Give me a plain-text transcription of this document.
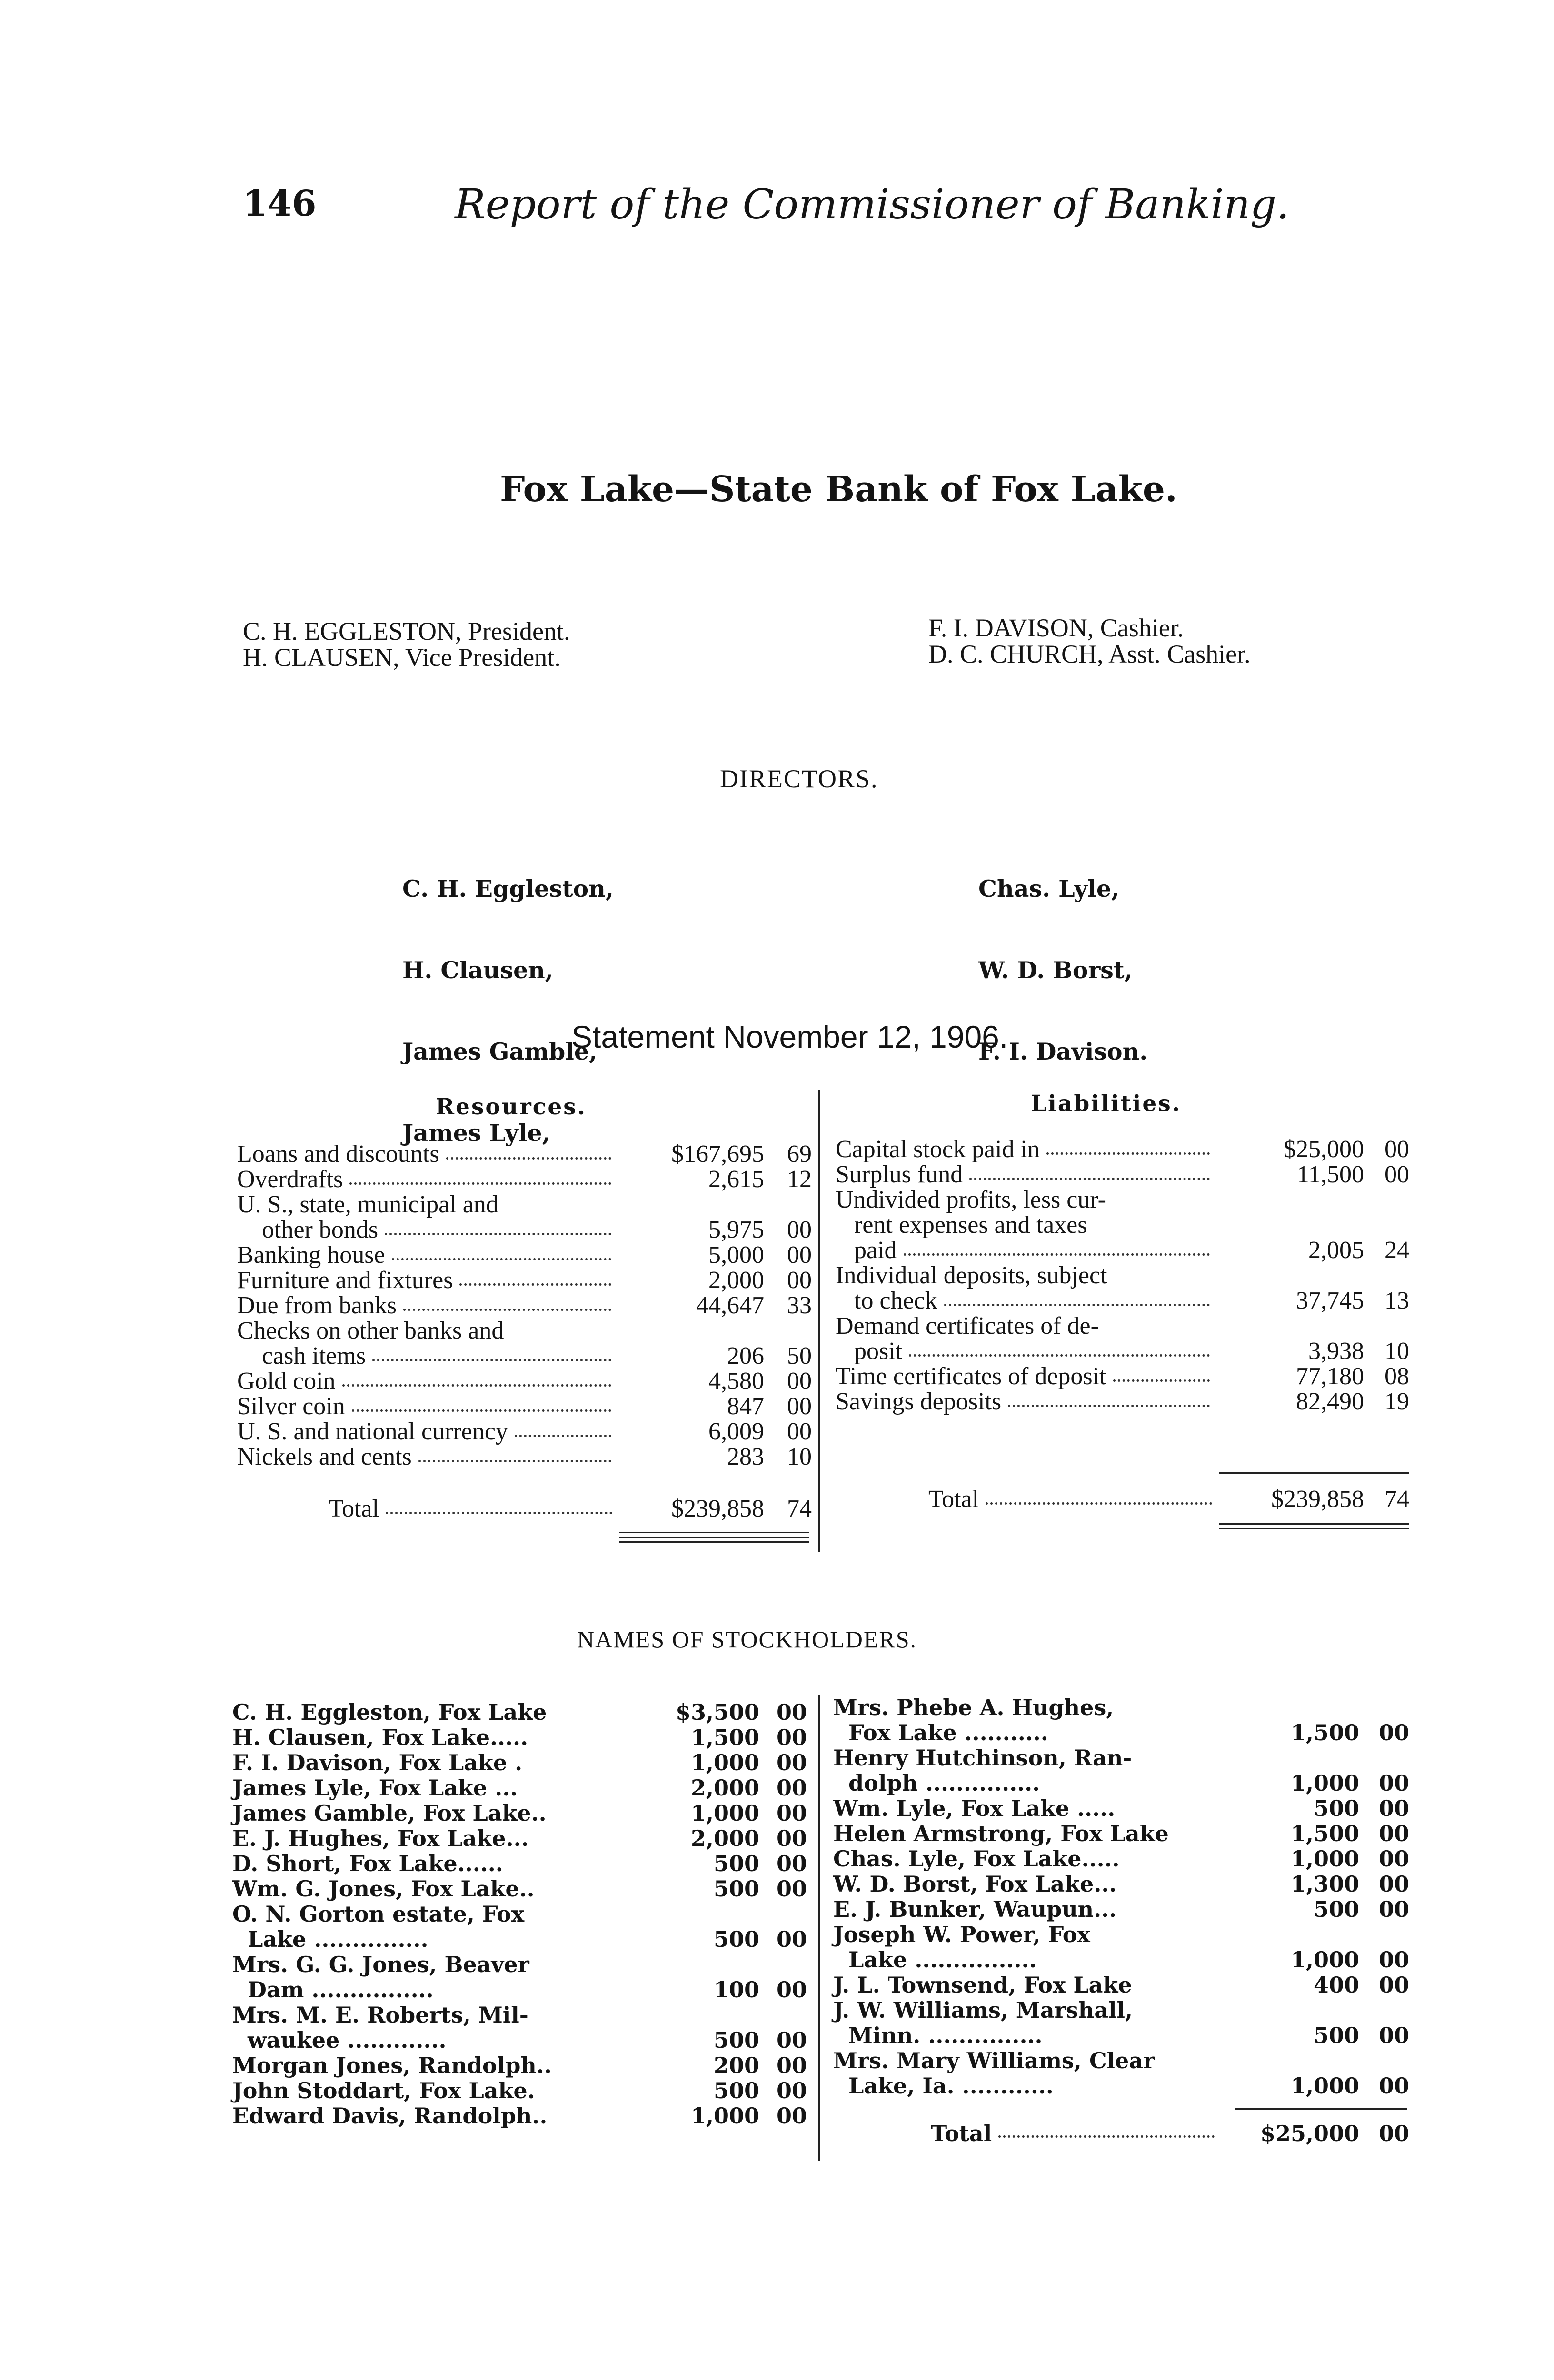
146	Report of the Commissioner of Banking.
Fox Lake—State Bank of Fox Lake.
C. H. EGGLESTON, President.
H. CLAUSEN, Vice President.
F. I. DAVISON, Cashier.
D. C. CHURCH, Asst. Cashier.
DIRECTORS.

C. H. Eggleston,

H. Clausen,

James Gamble,

James Lyle,

Chas. Lyle,

W. D. Borst,

F. I. Davison.

Statement November 12, 1906.
Resources.	Liabilities.
Loans and discounts	$167,695 69
Overdrafts	2,615 12
U. S., state, municipal and
other bonds	5,975 00
Banking house	5,000 00
Furniture and fixtures	2,000 00
Due from banks	44,647 33
Checks on other banks and
cash items	206 50
Gold coin	4,580 00
Silver coin	847 00
U. S. and national currency	6,009 00
Nickels and cents	283 10
Total	$239,858 74
Capital stock paid in	$25,000 00
Surplus fund	11,500 00
Undivided profits, less cur-
rent expenses and taxes
paid	2,005 24
Individual deposits, subject
to check	37,745 13
Demand certificates of de-
posit	3,938 10
Time certificates of deposit	77,180 08
Savings deposits	82,490 19
Total	$239,858 74
NAMES OF STOCKHOLDERS.
C. H. Eggleston, Fox Lake	$3,500 00
H. Clausen, Fox Lake.....	1,500 00
F. I. Davison, Fox Lake .	1,000 00
James Lyle, Fox Lake ...	2,000 00
James Gamble, Fox Lake..	1,000 00
E. J. Hughes, Fox Lake...	2,000 00
D. Short, Fox Lake......	500 00
Wm. G. Jones, Fox Lake..	500 00
O. N. Gorton estate, Fox
Lake ...............	500 00
Mrs. G. G. Jones, Beaver
Dam ................	100 00
Mrs. M. E. Roberts, Mil-
waukee .............	500 00
Morgan Jones, Randolph..	200 00
John Stoddart, Fox Lake.	500 00
Edward Davis, Randolph..	1,000 00
Mrs. Phebe A. Hughes,
Fox Lake ...........	1,500 00
Henry Hutchinson, Ran-
dolph ...............	1,000 00
Wm. Lyle, Fox Lake .....	500 00
Helen Armstrong, Fox Lake	1,500 00
Chas. Lyle, Fox Lake.....	1,000 00
W. D. Borst, Fox Lake...	1,300 00
E. J. Bunker, Waupun...	500 00
Joseph W. Power, Fox
Lake ................	1,000 00
J. L. Townsend, Fox Lake	400 00
J. W. Williams, Marshall,
Minn. ...............	500 00
Mrs. Mary Williams, Clear
Lake, Ia. ............	1,000 00
Total	$25,000 00
